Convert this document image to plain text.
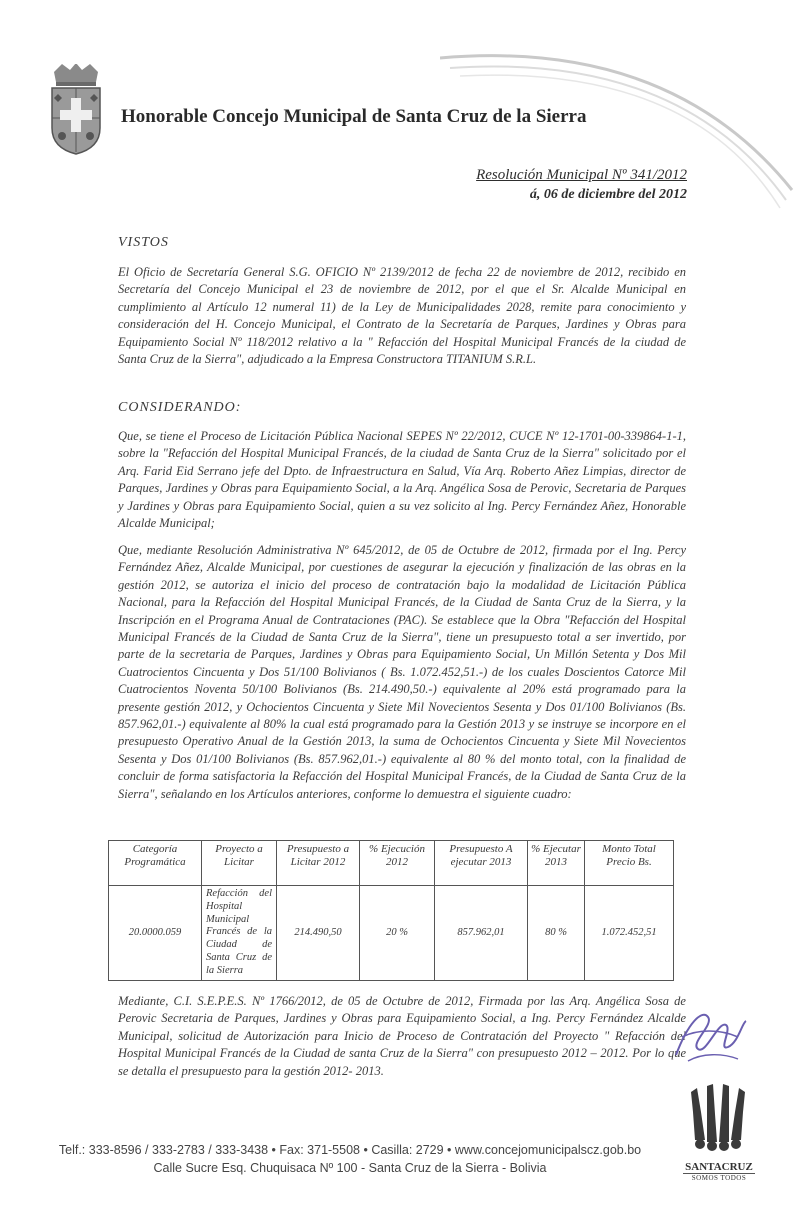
Honorable Concejo Municipal de Santa Cruz de la Sierra
Resolución Municipal Nº 341/2012
á, 06 de diciembre del 2012
VISTOS

El Oficio de Secretaría General S.G. OFICIO Nº 2139/2012 de fecha 22 de noviembre de 2012, recibido en Secretaría del Concejo Municipal el 23 de noviembre de 2012, por el que el Sr. Alcalde Municipal en cumplimiento al Artículo 12 numeral 11) de la Ley de Municipalidades 2028, remite para conocimiento y consideración del H. Concejo Municipal, el Contrato de la Secretaría de Parques, Jardines y Obras para Equipamiento Social Nº 118/2012 relativo a la " Refacción del Hospital Municipal Francés de la ciudad de Santa Cruz de la Sierra", adjudicado a la Empresa Constructora TITANIUM S.R.L.

CONSIDERANDO:

Que, se tiene el Proceso de Licitación Pública Nacional SEPES Nº 22/2012, CUCE Nº 12-1701-00-339864-1-1, sobre la "Refacción del Hospital Municipal Francés, de la ciudad de Santa Cruz de la Sierra" solicitado por el Arq. Farid Eid Serrano jefe del Dpto. de Infraestructura en Salud, Vía Arq. Roberto Añez Limpias, director de Parques, Jardines y Obras para Equipamiento Social, a la Arq. Angélica Sosa de Perovic, Secretaria de Parques y Jardines y Obras para Equipamiento Social, quien a su vez solicito al Ing. Percy Fernández Añez, Honorable Alcalde Municipal;

Que, mediante Resolución Administrativa Nº 645/2012, de 05 de Octubre de 2012, firmada por el Ing. Percy Fernández Añez, Alcalde Municipal, por cuestiones de asegurar la ejecución y finalización de las obras en la gestión 2012, se autoriza el inicio del proceso de contratación bajo la modalidad de Licitación Pública Nacional, para la Refacción del Hospital Municipal Francés, de la Ciudad de Santa Cruz de la Sierra, y la Inscripción en el Programa Anual de Contrataciones (PAC). Se establece que la Obra "Refacción del Hospital Municipal Francés de la Ciudad de Santa Cruz de la Sierra", tiene un presupuesto total a ser invertido, por parte de la secretaria de Parques, Jardines y Obras para Equipamiento Social, Un Millón Setenta y Dos Mil Cuatrocientos Cincuenta y Dos 51/100 Bolivianos ( Bs. 1.072.452,51.-) de los cuales Doscientos Catorce Mil Cuatrocientos Noventa 50/100 Bolivianos (Bs. 214.490,50.-) equivalente al 20% está programado para la presente gestión 2012, y Ochocientos Cincuenta y Siete Mil Novecientos Sesenta y Dos 01/100 Bolivianos (Bs. 857.962,01.-) equivalente al 80% la cual está programado para la Gestión 2013 y se instruye se incorpore en el presupuesto Operativo Anual de la Gestión 2013, la suma de Ochocientos Cincuenta y Siete Mil Novecientos Sesenta y Dos 01/100 Bolivianos (Bs. 857.962,01.-) equivalente al 80 % del monto total, con la finalidad de concluir de forma satisfactoria la Refacción del Hospital Municipal Francés, de la Ciudad de Santa Cruz de la Sierra", señalando en los Artículos anteriores, conforme lo demuestra el siguiente cuadro:

Categoría Programática	Proyecto a Licitar	Presupuesto a Licitar 2012	% Ejecución 2012	Presupuesto A ejecutar 2013	% Ejecutar 2013	Monto Total Precio Bs.
20.0000.059	Refacción del Hospital Municipal Francés de la Ciudad de Santa Cruz de la Sierra	214.490,50	20 %	857.962,01	80 %	1.072.452,51

Mediante, C.I. S.E.P.E.S. Nº 1766/2012, de 05 de Octubre de 2012, Firmada por las Arq. Angélica Sosa de Perovic Secretaria de Parques, Jardines y Obras para Equipamiento Social, a Ing. Percy Fernández Alcalde Municipal, solicitud de Autorización para Inicio de Proceso de Contratación del Proyecto " Refacción del Hospital Municipal Francés de la Ciudad de santa Cruz de la Sierra" con presupuesto 2012 – 2012. Por lo que se detalla el presupuesto para la gestión 2012- 2013.

SANTACRUZ
SOMOS TODOS
Telf.: 333-8596 / 333-2783 / 333-3438 • Fax: 371-5508 • Casilla: 2729 • www.concejomunicipalscz.gob.bo
Calle Sucre Esq. Chuquisaca Nº 100 - Santa Cruz de la Sierra - Bolivia
